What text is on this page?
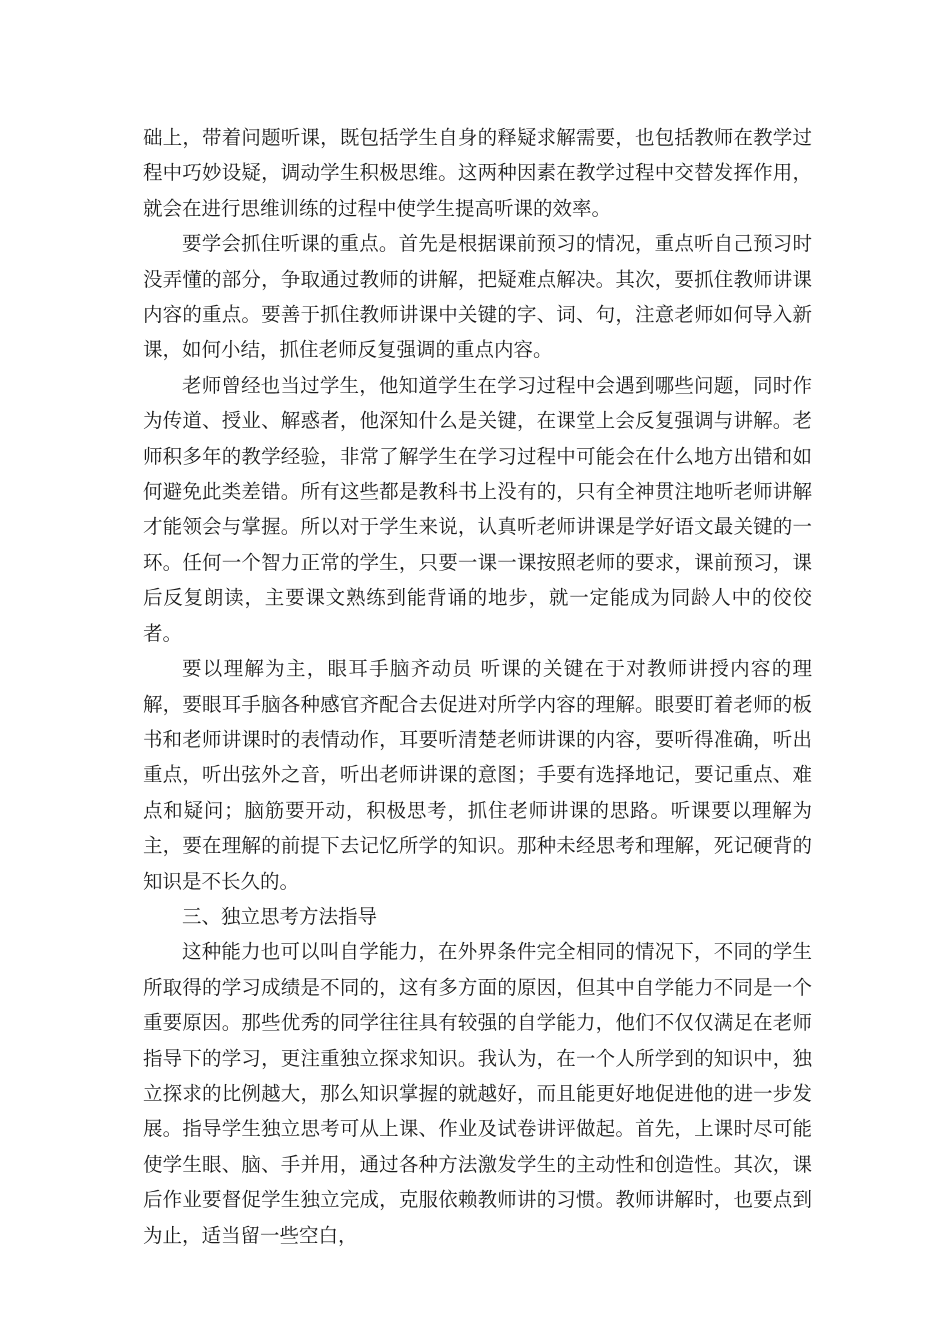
础上，带着问题听课，既包括学生自身的释疑求解需要，也包括教师在教学过程中巧妙设疑，调动学生积极思维。这两种因素在教学过程中交替发挥作用，就会在进行思维训练的过程中使学生提高听课的效率。

要学会抓住听课的重点。首先是根据课前预习的情况，重点听自己预习时没弄懂的部分，争取通过教师的讲解，把疑难点解决。其次，要抓住教师讲课内容的重点。要善于抓住教师讲课中关键的字、词、句，注意老师如何导入新课，如何小结，抓住老师反复强调的重点内容。

老师曾经也当过学生，他知道学生在学习过程中会遇到哪些问题，同时作为传道、授业、解惑者，他深知什么是关键，在课堂上会反复强调与讲解。老师积多年的教学经验，非常了解学生在学习过程中可能会在什么地方出错和如何避免此类差错。所有这些都是教科书上没有的，只有全神贯注地听老师讲解才能领会与掌握。所以对于学生来说，认真听老师讲课是学好语文最关键的一环。任何一个智力正常的学生，只要一课一课按照老师的要求，课前预习，课后反复朗读，主要课文熟练到能背诵的地步，就一定能成为同龄人中的佼佼者。

要以理解为主，眼耳手脑齐动员 听课的关键在于对教师讲授内容的理解，要眼耳手脑各种感官齐配合去促进对所学内容的理解。眼要盯着老师的板书和老师讲课时的表情动作，耳要听清楚老师讲课的内容，要听得准确，听出重点，听出弦外之音，听出老师讲课的意图；手要有选择地记，要记重点、难点和疑问；脑筋要开动，积极思考，抓住老师讲课的思路。听课要以理解为主，要在理解的前提下去记忆所学的知识。那种未经思考和理解，死记硬背的知识是不长久的。

三、独立思考方法指导

这种能力也可以叫自学能力，在外界条件完全相同的情况下，不同的学生所取得的学习成绩是不同的，这有多方面的原因，但其中自学能力不同是一个重要原因。那些优秀的同学往往具有较强的自学能力，他们不仅仅满足在老师指导下的学习，更注重独立探求知识。我认为，在一个人所学到的知识中，独立探求的比例越大，那么知识掌握的就越好，而且能更好地促进他的进一步发展。指导学生独立思考可从上课、作业及试卷讲评做起。首先，上课时尽可能使学生眼、脑、手并用，通过各种方法激发学生的主动性和创造性。其次，课后作业要督促学生独立完成，克服依赖教师讲的习惯。教师讲解时，也要点到为止，适当留一些空白，
